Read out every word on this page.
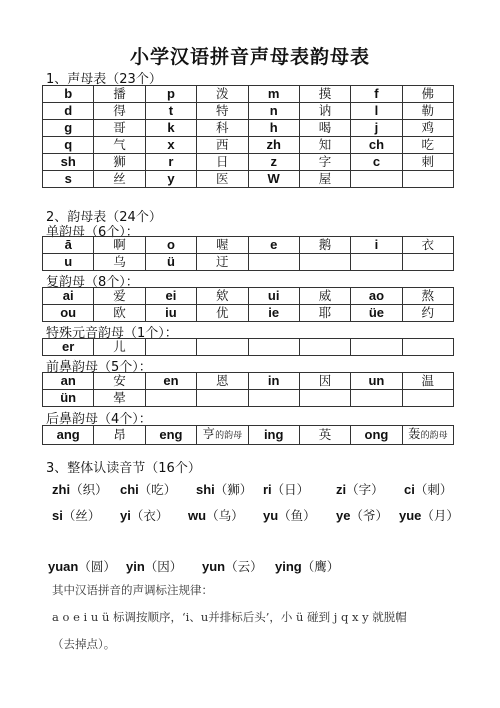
小学汉语拼音声母表韵母表
1、声母表（23个）
b	播	p	泼	m	摸	f	佛
d	得	t	特	n	讷	l	勒
g	哥	k	科	h	喝	j	鸡
q	气	x	西	zh	知	ch	吃
sh	狮	r	日	z	字	c	刺
s	丝	y	医	W	屋		
2、韵母表（24个）
单韵母（6个）：
ā	啊	o	喔	e	鹅	i	衣
u	乌	ü	迂				
复韵母（8个）：
ai	爱	ei	欸	ui	威	ao	熬
ou	欧	iu	优	ie	耶	üe	约
特殊元音韵母（1个）：
er	儿						
前鼻韵母（5个）：
an	安	en	恩	in	因	un	温
ün	晕						
后鼻韵母（4个）：
ang	昂	eng	亨的韵母	ing	英	ong	轰的韵母
3、整体认读音节（16个）
zhi（织） chi（吃） shi（狮） ri（日） zi（字） ci（刺）
si（丝） yi（衣） wu（乌） yu（鱼） ye（爷） yue（月）
yuan（圆） yin（因） yun（云） ying（鹰）
其中汉语拼音的声调标注规律：
a o e i u ü 标调按顺序，‘i、u并排标后头’，小 ü 碰到 j q x y 就脱帽
（去掉点）。
